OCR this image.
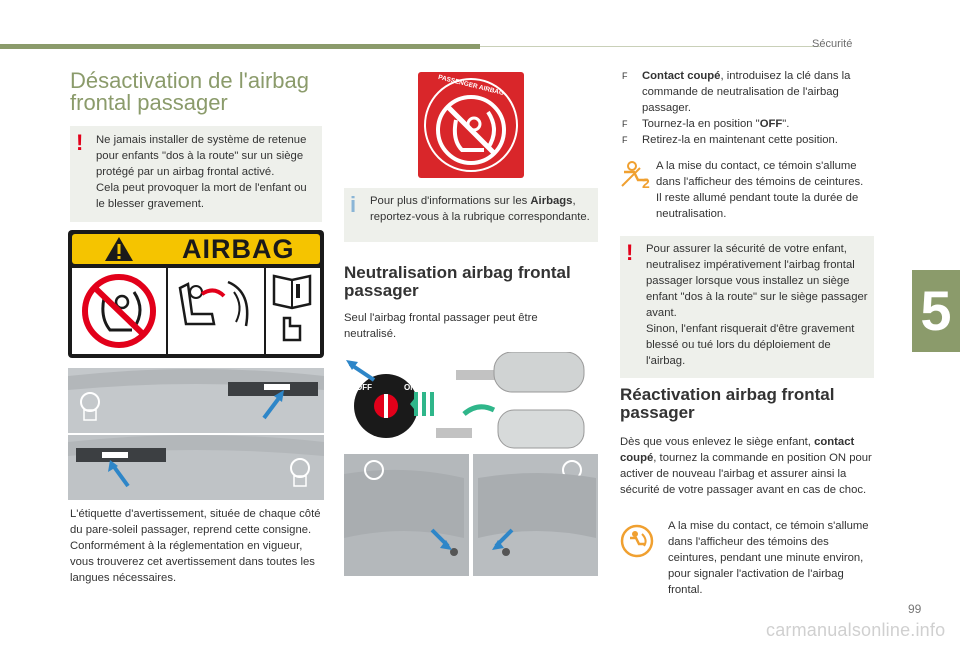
Sécurité
5
Désactivation de l'airbag frontal passager
!	Ne jamais installer de système de retenue pour enfants "dos à la route" sur un siège protégé par un airbag frontal activé.
Cela peut provoquer la mort de l'enfant ou le blesser gravement.

AIRBAG
L'étiquette d'avertissement, située de chaque côté du pare-soleil passager, reprend cette consigne.
Conformément à la réglementation en vigueur, vous trouverez cet avertissement dans toutes les langues nécessaires.
PASSENGER AIRBAG
i	Pour plus d'informations sur les Airbags, reportez-vous à la rubrique correspondante.

Neutralisation airbag frontal passager
Seul l'airbag frontal passager peut être neutralisé.
OFF	ON
F Contact coupé, introduisez la clé dans la commande de neutralisation de l'airbag passager.
F Tournez-la en position "OFF".
F Retirez-la en maintenant cette position.
2
A la mise du contact, ce témoin s'allume dans l'afficheur des témoins de ceintures. Il reste allumé pendant toute la durée de neutralisation.
!	Pour assurer la sécurité de votre enfant, neutralisez impérativement l'airbag frontal passager lorsque vous installez un siège enfant "dos à la route" sur le siège passager avant.
Sinon, l'enfant risquerait d'être gravement blessé ou tué lors du déploiement de l'airbag.

Réactivation airbag frontal passager
Dès que vous enlevez le siège enfant, contact coupé, tournez la commande en position ON pour activer de nouveau l'airbag et assurer ainsi la sécurité de votre passager avant en cas de choc.
A la mise du contact, ce témoin s'allume dans l'afficheur des témoins des ceintures, pendant une minute environ, pour signaler l'activation de l'airbag frontal.
99
carmanualsonline.info
